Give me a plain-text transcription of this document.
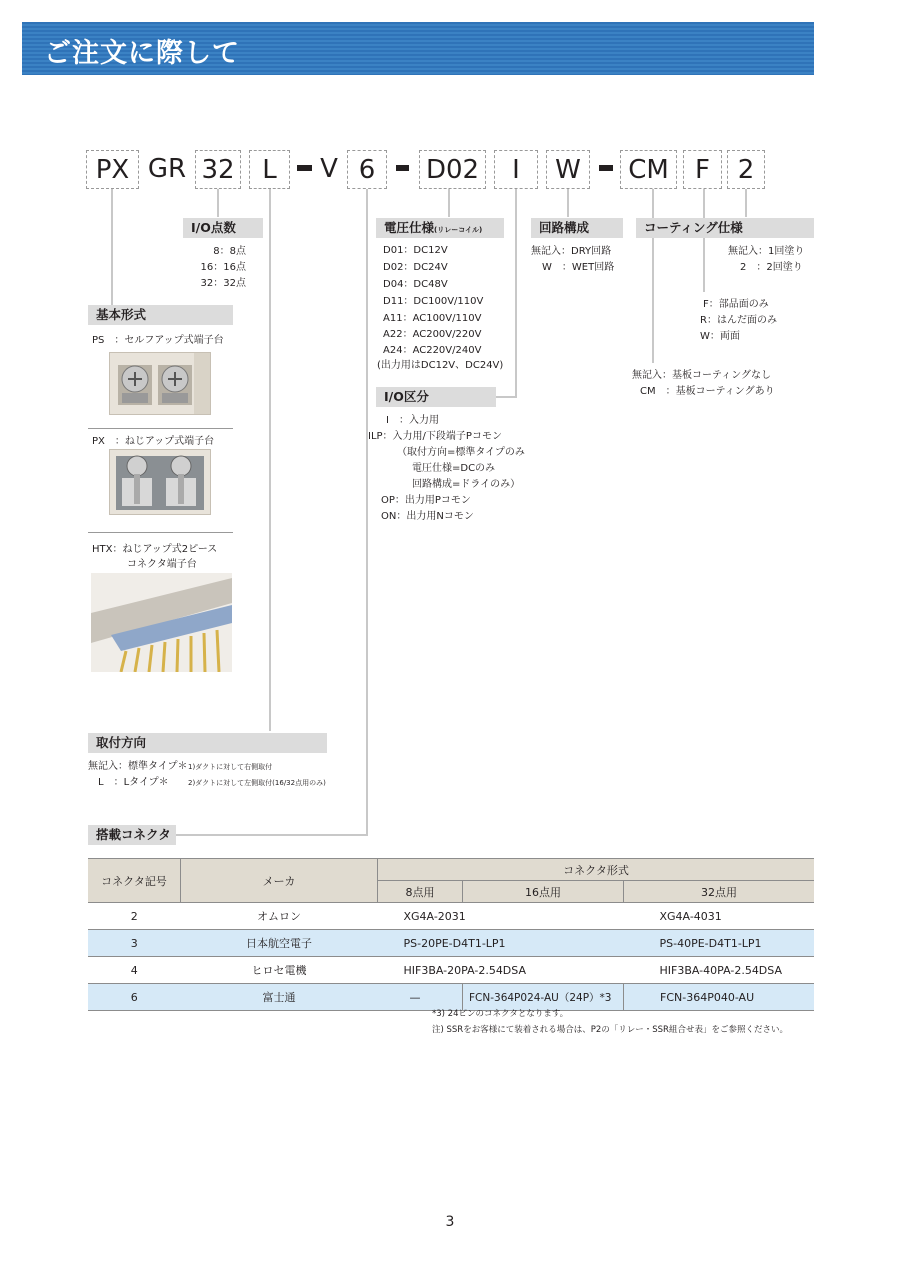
ご注文に際して
PX GR 32	L	V 6	D02	I	W	CM	F	2
I/O点数
8：8点
16：16点
32：32点
電圧仕様(リレーコイル)
D01：DC12V
D02：DC24V
D04：DC48V
D11：DC100V/110V
A11：AC100V/110V
A22：AC200V/220V
A24：AC220V/240V
(出力用はDC12V、DC24V)
回路構成
無記入：DRY回路
W　：WET回路
コーティング仕様
無記入：1回塗り
2　：2回塗り
F：部品面のみ
R：はんだ面のみ
W：両面
無記入：基板コーティングなし
CM　：基板コーティングあり
I/O区分
I　：入力用
ILP：入力用/下段端子Pコモン
　　（取付方向=標準タイプのみ
　　　電圧仕様=DCのみ
　　　回路構成=ドライのみ）
OP：出力用Pコモン
ON：出力用Nコモン
基本形式
PS　：セルフアップ式端子台
PX　：ねじアップ式端子台
HTX：ねじアップ式2ピース
コネクタ端子台
取付方向
無記入：標準タイプ＊ 1)ダクトに対して右側取付
L　：Lタイプ＊	2)ダクトに対して左側取付(16/32点用のみ)
搭載コネクタ
コネクタ記号	メーカ	コネクタ形式		
		8点用	16点用	32点用
2	オムロン	XG4A-2031		XG4A-4031
3	日本航空電子	PS-20PE-D4T1-LP1		PS-40PE-D4T1-LP1
4	ヒロセ電機	HIF3BA-20PA-2.54DSA		HIF3BA-40PA-2.54DSA
6	富士通	—	FCN-364P024-AU（24P）*3	FCN-364P040-AU
*3) 24ピンのコネクタとなります。
注) SSRをお客様にて装着される場合は、P2の「リレー・SSR組合せ表」をご参照ください。
3
